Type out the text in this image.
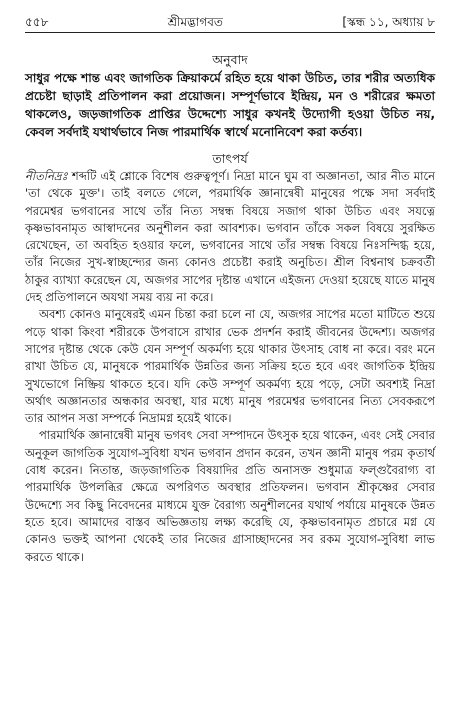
৫৫৮	শ্রীমদ্ভাগবত	[স্কন্ধ ১১, অধ্যায় ৮
অনুবাদ

সাধুর পক্ষে শান্ত এবং জাগতিক ক্রিয়াকর্মে রহিত হয়ে থাকা উচিত, তার শরীর অত্যধিক প্রচেষ্টা ছাড়াই প্রতিপালন করা প্রয়োজন। সম্পূর্ণভাবে ইন্দ্রিয়, মন ও শরীরের ক্ষমতা থাকলেও, জড়জাগতিক প্রাপ্তির উদ্দেশ্যে সাধুর কখনই উদ্যোগী হওয়া উচিত নয়, কেবল সর্বদাই যথার্থভাবে নিজ পারমার্থিক স্বার্থে মনোনিবেশ করা কর্তব্য।

তাৎপর্য

নীতনিদ্রঃ শব্দটি এই শ্লোকে বিশেষ গুরুত্বপূর্ণ। নিদ্রা মানে ঘুম বা অজ্ঞানতা, আর নীত মানে 'তা থেকে মুক্ত'। তাই বলতে গেলে, পরমার্থিক জ্ঞানান্বেষী মানুষের পক্ষে সদা সর্বদাই পরমেশ্বর ভগবানের সাথে তাঁর নিত্য সম্বন্ধ বিষয়ে সজাগ থাকা উচিত এবং সযত্নে কৃষ্ণভাবনামৃত আস্বাদনের অনুশীলন করা আবশ্যক। ভগবান তাঁকে সকল বিষয়ে সুরক্ষিত রেখেছেন, তা অবহিত হওয়ার ফলে, ভগবানের সাথে তাঁর সম্বন্ধ বিষয়ে নিঃসন্দিগ্ধ হয়ে, তাঁর নিজের সুখ-স্বাচ্ছন্দ্যের জন্য কোনও প্রচেষ্টা করাই অনুচিত। শ্রীল বিশ্বনাথ চক্রবর্তী ঠাকুর ব্যাখ্যা করেছেন যে, অজগর সাপের দৃষ্টান্ত এখানে এইজন্য দেওয়া হয়েছে যাতে মানুষ দেহ প্রতিপালনে অযথা সময় ব্যয় না করে।

অবশ্য কোনও মানুষেরই এমন চিন্তা করা চলে না যে, অজগর সাপের মতো মাটিতে শুয়ে পড়ে থাকা কিংবা শরীরকে উপবাসে রাখার ভেক প্রদর্শন করাই জীবনের উদ্দেশ্য। অজগর সাপের দৃষ্টান্ত থেকে কেউ যেন সম্পূর্ণ অকর্মণ্য হয়ে থাকার উৎসাহ বোধ না করে। বরং মনে রাখা উচিত যে, মানুষকে পারমার্থিক উন্নতির জন্য সক্রিয় হতে হবে এবং জাগতিক ইন্দ্রিয় সুখভোগে নিষ্ক্রিয় থাকতে হবে। যদি কেউ সম্পূর্ণ অকর্মণ্য হয়ে পড়ে, সেটা অবশ্যই নিদ্রা অর্থাৎ অজ্ঞানতার অন্ধকার অবস্থা, যার মধ্যে মানুষ পরমেশ্বর ভগবানের নিত্য সেবকরূপে তার আপন সত্তা সম্পর্কে নিদ্রামগ্ন হয়েই থাকে।

পারমার্থিক জ্ঞানান্বেষী মানুষ ভগবৎ সেবা সম্পাদনে উৎসুক হয়ে থাকেন, এবং সেই সেবার অনুকূল জাগতিক সুযোগ-সুবিধা যখন ভগবান প্রদান করেন, তখন জ্ঞানী মানুষ পরম কৃতার্থ বোধ করেন। নিতান্ত, জড়জাগতিক বিষয়াদির প্রতি অনাসক্ত শুধুমাত্র ফল্গুবৈরাগ্য বা পারমার্থিক উপলব্ধির ক্ষেত্রে অপরিণত অবস্থার প্রতিফলন। ভগবান শ্রীকৃষ্ণের সেবার উদ্দেশ্যে সব কিছু নিবেদনের মাধ্যমে যুক্ত বৈরাগ্য অনুশীলনের যথার্থ পর্যায়ে মানুষকে উন্নত হতে হবে। আমাদের বাস্তব অভিজ্ঞতায় লক্ষ্য করেছি যে, কৃষ্ণভাবনামৃত প্রচারে মগ্ন যে কোনও ভক্তই আপনা থেকেই তার নিজের গ্রাসাচ্ছাদনের সব রকম সুযোগ-সুবিধা লাভ করতে থাকে।
